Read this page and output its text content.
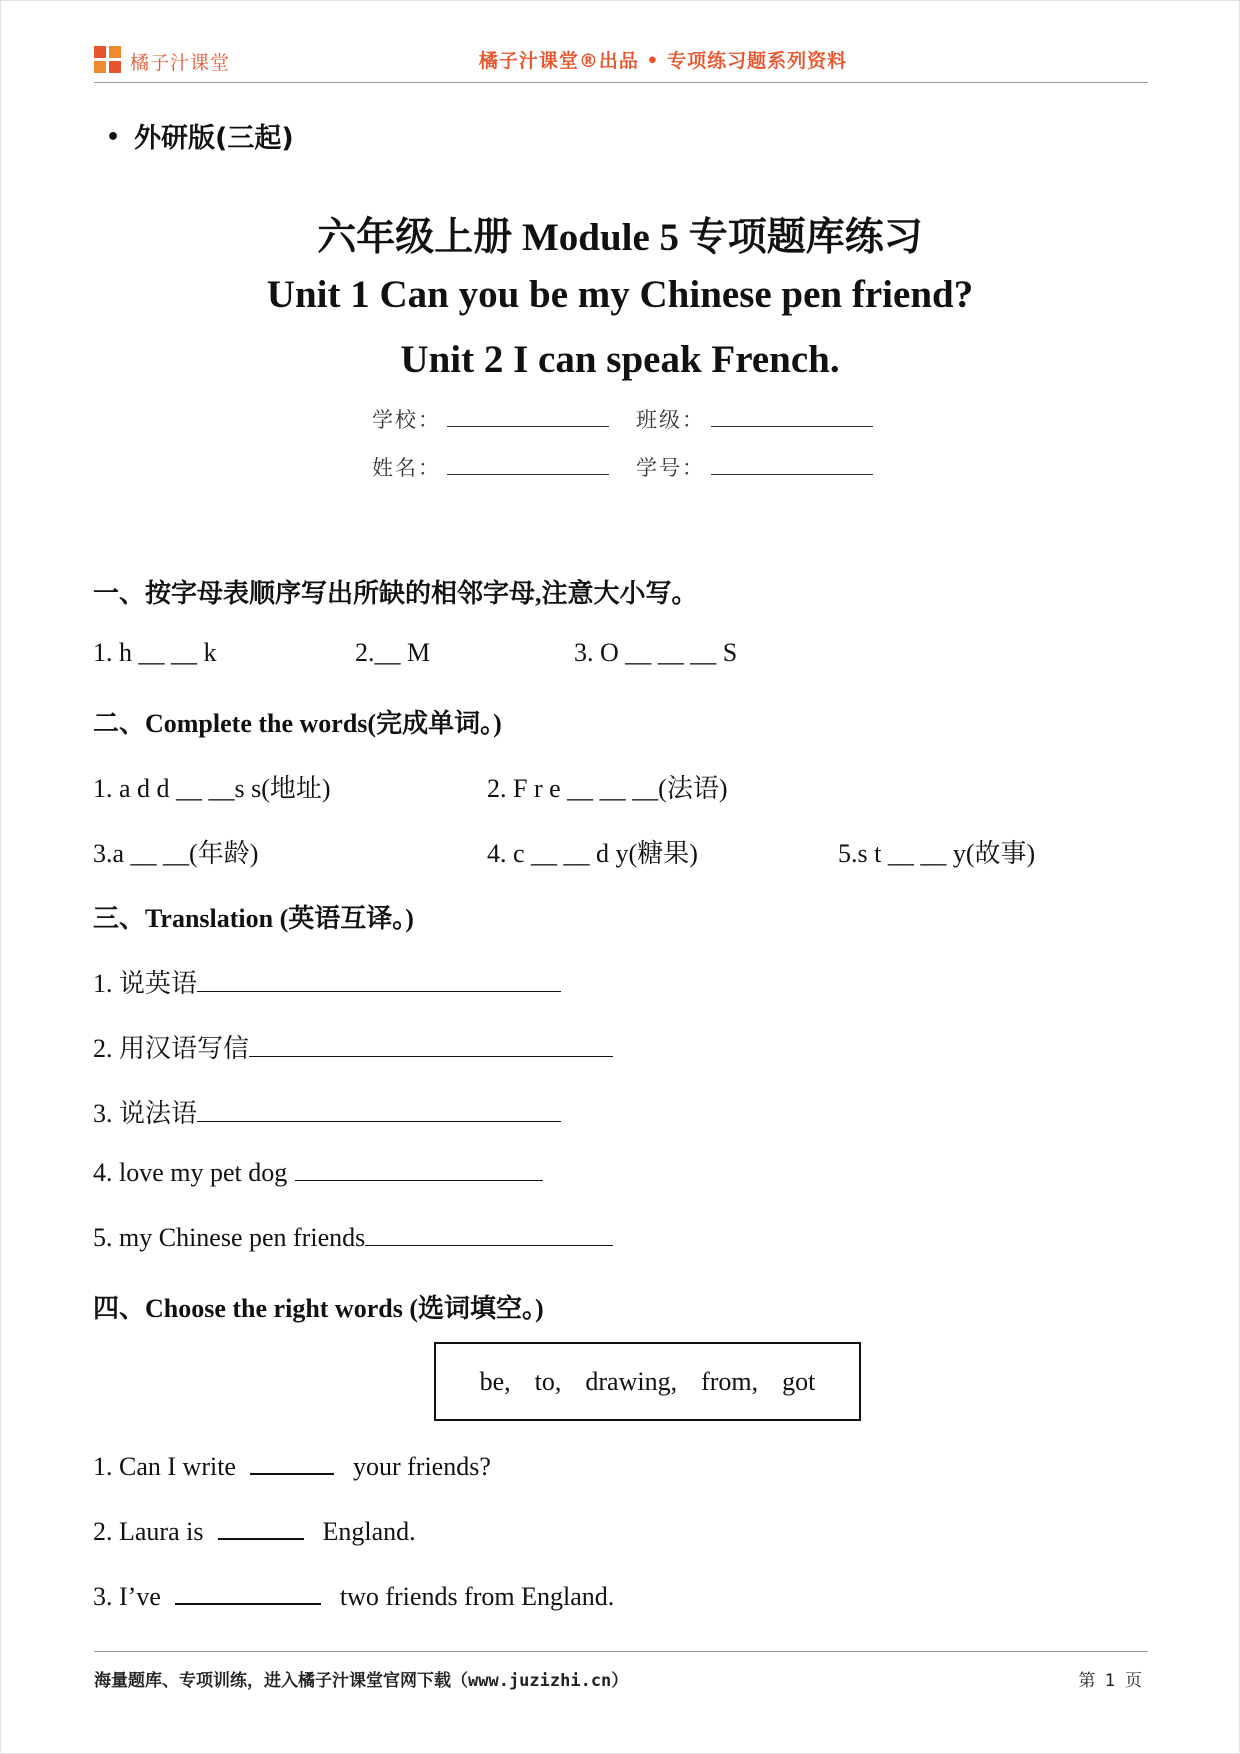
橘子汁课堂	橘子汁课堂®出品 • 专项练习题系列资料
• 外研版(三起)
六年级上册 Module 5 专项题库练习
Unit 1 Can you be my Chinese pen friend?
Unit 2 I can speak French.
学校：	班级：
姓名：	学号：
一、按字母表顺序写出所缺的相邻字母,注意大小写。
1. h __ __ k	2.__ M	3. O __ __ __ S
二、Complete the words(完成单词。)
1. a d d __ __s s(地址)	2. F r e __ __ __(法语)
3.a __ __(年龄)	4. c __ __ d y(糖果)	5.s t __ __ y(故事)
三、Translation (英语互译。)
1. 说英语
2. 用汉语写信
3. 说法语
4. love my pet dog
5. my Chinese pen friends
四、Choose the right words (选词填空。)
be, to, drawing, from, got
1. Can I write	your friends?
2. Laura is	England.
3. I’ve	two friends from England.
海量题库、专项训练，进入橘子汁课堂官网下载（www.juzizhi.cn）	第 1 页
